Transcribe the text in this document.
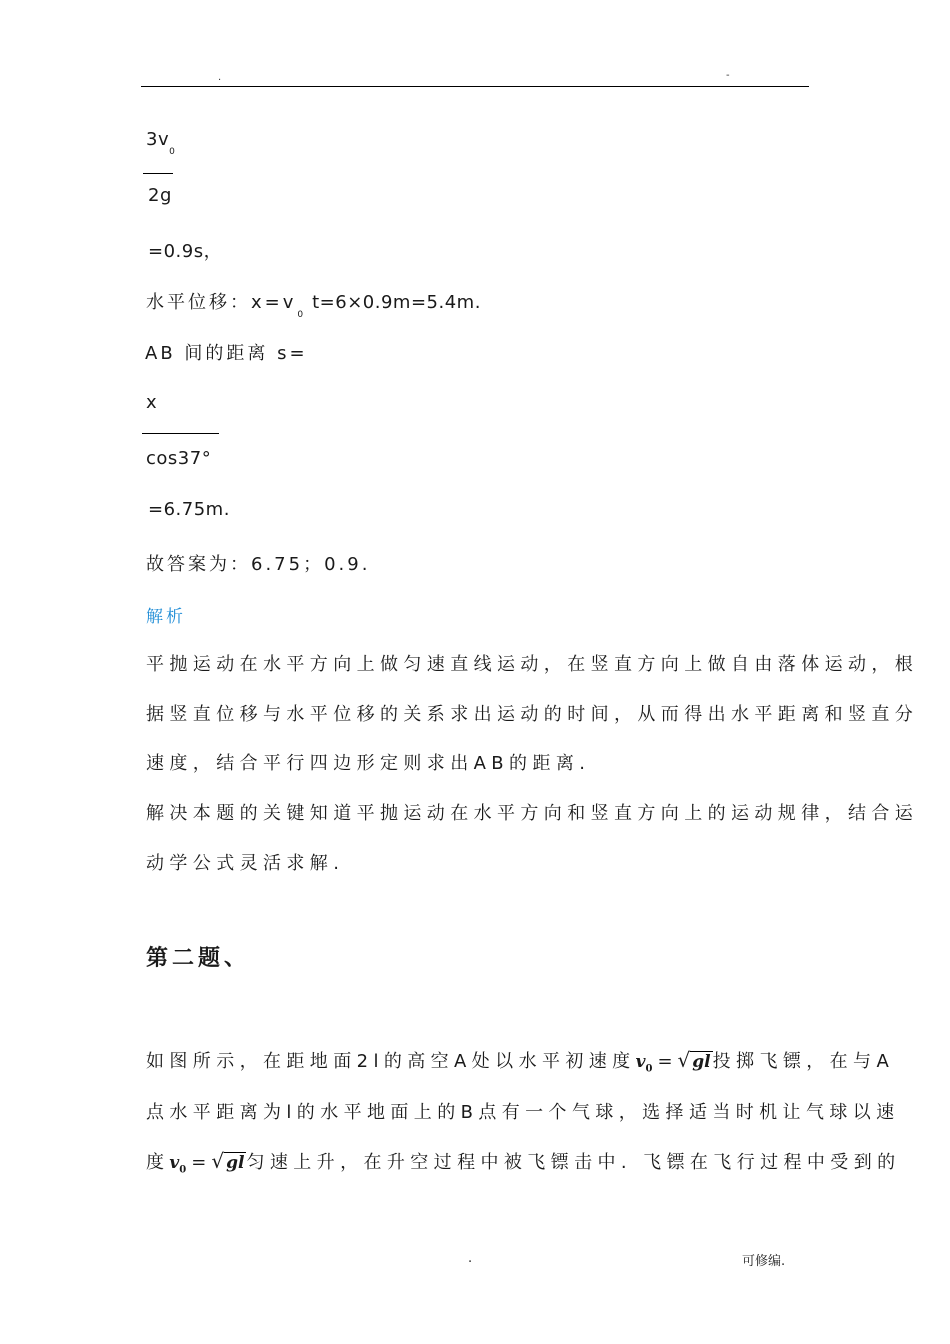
.	-
$3v_0$
2g
=0.9s，
水平位移：$x=v_0t=6\times 0.9m=5.4m$.
AB 间的距离 s=
x
cos37°
=6.75m.
故答案为：6.75；0.9.
解析
平抛运动在水平方向上做匀速直线运动，在竖直方向上做自由落体运动，根
据竖直位移与水平位移的关系求出运动的时间，从而得出水平距离和竖直分
速度，结合平行四边形定则求出AB的距离.
解决本题的关键知道平抛运动在水平方向和竖直方向上的运动规律，结合运
动学公式灵活求解.
第二题、
如图所示，在距地面2l的高空A处以水平初速度$v_0$ = √ gl 投掷飞镖，在与A
点水平距离为l的水平地面上的B点有一个气球，选择适当时机让气球以速
度$v_0$ = √ gl 匀速上升，在升空过程中被飞镖击中. 飞镖在飞行过程中受到的
.	可修编.
